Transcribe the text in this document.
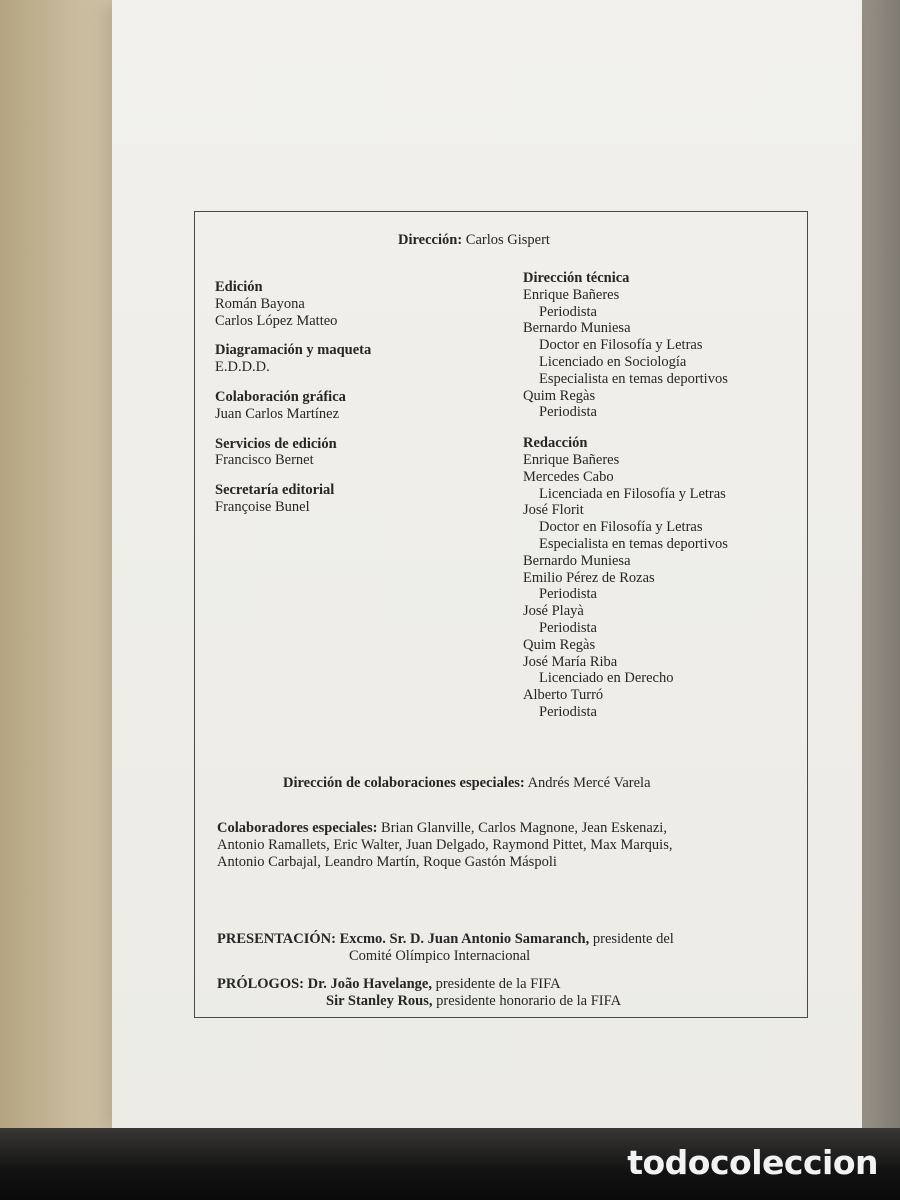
Dirección: Carlos Gispert
Edición
Román Bayona
Carlos López Matteo
Diagramación y maqueta
E.D.D.D.
Colaboración gráfica
Juan Carlos Martínez
Servicios de edición
Francisco Bernet
Secretaría editorial
Françoise Bunel
Dirección técnica
Enrique Bañeres
Periodista
Bernardo Muniesa
Doctor en Filosofía y Letras
Licenciado en Sociología
Especialista en temas deportivos
Quim Regàs
Periodista
Redacción
Enrique Bañeres
Mercedes Cabo
Licenciada en Filosofía y Letras
José Florit
Doctor en Filosofía y Letras
Especialista en temas deportivos
Bernardo Muniesa
Emilio Pérez de Rozas
Periodista
José Playà
Periodista
Quim Regàs
José María Riba
Licenciado en Derecho
Alberto Turró
Periodista
Dirección de colaboraciones especiales: Andrés Mercé Varela
Colaboradores especiales: Brian Glanville, Carlos Magnone, Jean Eskenazi,
Antonio Ramallets, Eric Walter, Juan Delgado, Raymond Pittet, Max Marquis,
Antonio Carbajal, Leandro Martín, Roque Gastón Máspoli
PRESENTACIÓN: Excmo. Sr. D. Juan Antonio Samaranch, presidente del
Comité Olímpico Internacional
PRÓLOGOS: Dr. João Havelange, presidente de la FIFA
Sir Stanley Rous, presidente honorario de la FIFA
todocoleccion
